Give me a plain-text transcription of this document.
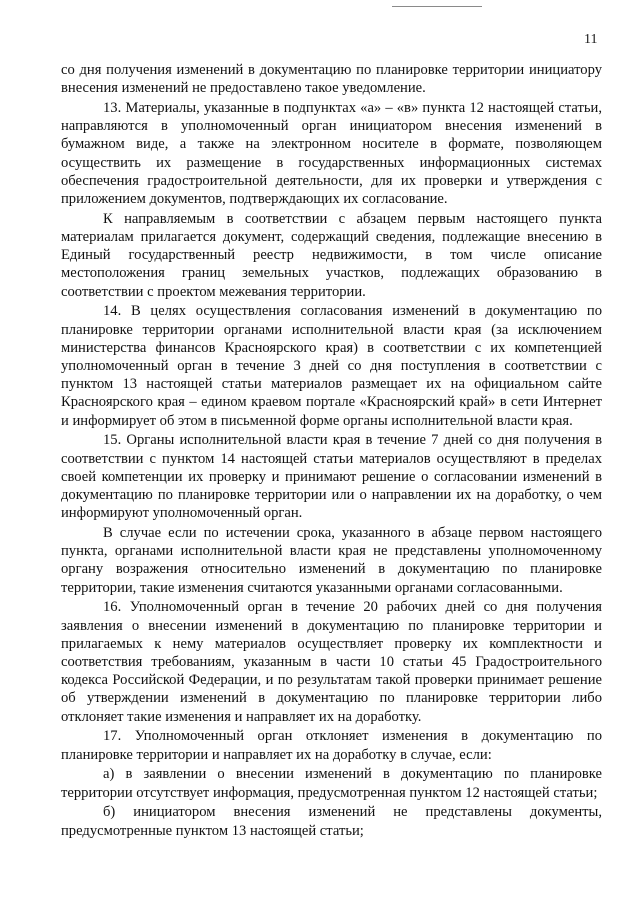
11

со дня получения изменений в документацию по планировке территории инициатору внесения изменений не предоставлено такое уведомление.

13. Материалы, указанные в подпунктах «а» – «в» пункта 12 настоящей статьи, направляются в уполномоченный орган инициатором внесения изменений в бумажном виде, а также на электронном носителе в формате, позволяющем осуществить их размещение в государственных информационных системах обеспечения градостроительной деятельности, для их проверки и утверждения с приложением документов, подтверждающих их согласование.

К направляемым в соответствии с абзацем первым настоящего пункта материалам прилагается документ, содержащий сведения, подлежащие внесению в Единый государственный реестр недвижимости, в том числе описание местоположения границ земельных участков, подлежащих образованию в соответствии с проектом межевания территории.

14. В целях осуществления согласования изменений в документацию по планировке территории органами исполнительной власти края (за исключением министерства финансов Красноярского края) в соответствии с их компетенцией уполномоченный орган в течение 3 дней со дня поступления в соответствии с пунктом 13 настоящей статьи материалов размещает их на официальном сайте Красноярского края – едином краевом портале «Красноярский край» в сети Интернет и информирует об этом в письменной форме органы исполнительной власти края.

15. Органы исполнительной власти края в течение 7 дней со дня получения в соответствии с пунктом 14 настоящей статьи материалов осуществляют в пределах своей компетенции их проверку и принимают решение о согласовании изменений в документацию по планировке территории или о направлении их на доработку, о чем информируют уполномоченный орган.

В случае если по истечении срока, указанного в абзаце первом настоящего пункта, органами исполнительной власти края не представлены уполномоченному органу возражения относительно изменений в документацию по планировке территории, такие изменения считаются указанными органами согласованными.

16. Уполномоченный орган в течение 20 рабочих дней со дня получения заявления о внесении изменений в документацию по планировке территории и прилагаемых к нему материалов осуществляет проверку их комплектности и соответствия требованиям, указанным в части 10 статьи 45 Градостроительного кодекса Российской Федерации, и по результатам такой проверки принимает решение об утверждении изменений в документацию по планировке территории либо отклоняет такие изменения и направляет их на доработку.

17. Уполномоченный орган отклоняет изменения в документацию по планировке территории и направляет их на доработку в случае, если:

а) в заявлении о внесении изменений в документацию по планировке территории отсутствует информация, предусмотренная пунктом 12 настоящей статьи;

б) инициатором внесения изменений не представлены документы, предусмотренные пунктом 13 настоящей статьи;
